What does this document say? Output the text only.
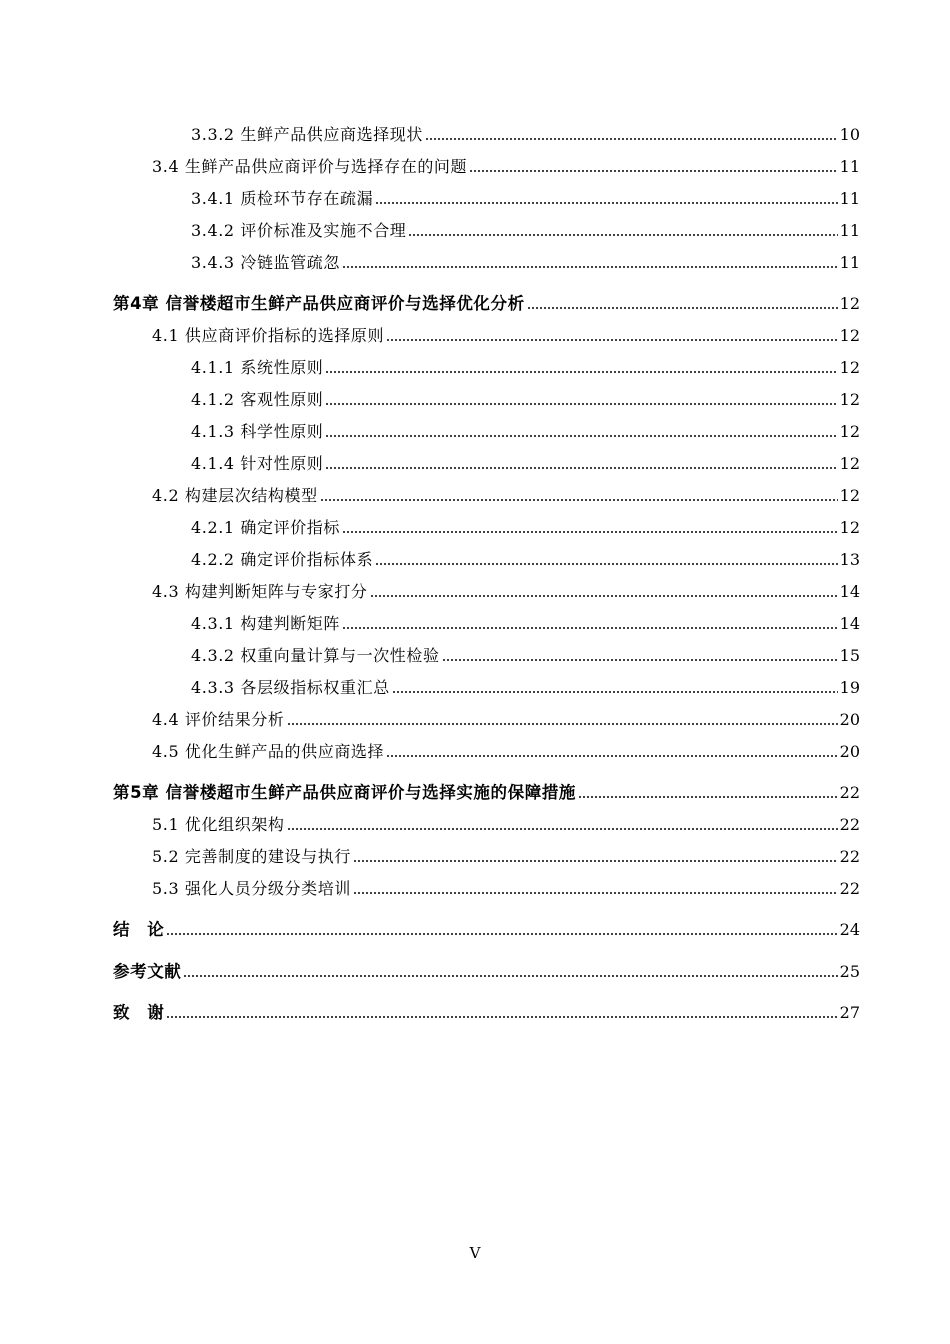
3.3.2 生鲜产品供应商选择现状	10
3.4 生鲜产品供应商评价与选择存在的问题	11
3.4.1 质检环节存在疏漏	11
3.4.2 评价标准及实施不合理	11
3.4.3 冷链监管疏忽	11
第4章 信誉楼超市生鲜产品供应商评价与选择优化分析	12
4.1 供应商评价指标的选择原则	12
4.1.1 系统性原则	12
4.1.2 客观性原则	12
4.1.3 科学性原则	12
4.1.4 针对性原则	12
4.2 构建层次结构模型	12
4.2.1 确定评价指标	12
4.2.2 确定评价指标体系	13
4.3 构建判断矩阵与专家打分	14
4.3.1 构建判断矩阵	14
4.3.2 权重向量计算与一次性检验	15
4.3.3 各层级指标权重汇总	19
4.4 评价结果分析	20
4.5 优化生鲜产品的供应商选择	20
第5章 信誉楼超市生鲜产品供应商评价与选择实施的保障措施	22
5.1 优化组织架构	22
5.2 完善制度的建设与执行	22
5.3 强化人员分级分类培训	22
结　论	24
参考文献	25
致　谢	27
V
